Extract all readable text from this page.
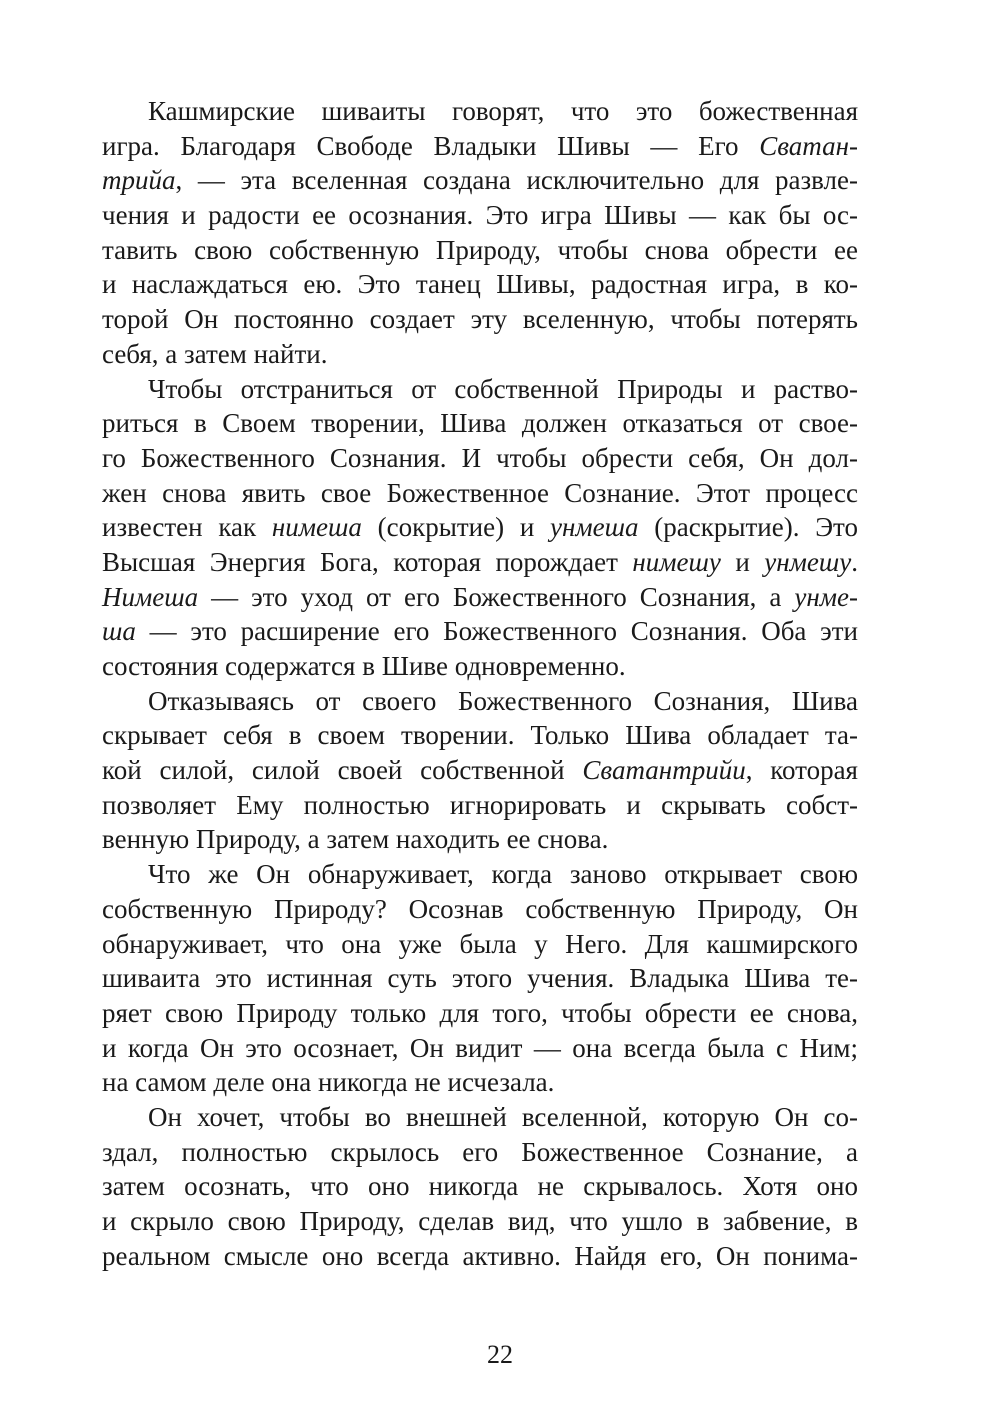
Кашмирские шиваиты говорят, что это божественная
игра. Благодаря Свободе Владыки Шивы — Его Сватан-
трийа, — эта вселенная создана исключительно для развле-
чения и радости ее осознания. Это игра Шивы — как бы ос-
тавить свою собственную Природу, чтобы снова обрести ее
и наслаждаться ею. Это танец Шивы, радостная игра, в ко-
торой Он постоянно создает эту вселенную, чтобы потерять
себя, а затем найти.
Чтобы отстраниться от собственной Природы и раство-
риться в Своем творении, Шива должен отказаться от свое-
го Божественного Сознания. И чтобы обрести себя, Он дол-
жен снова явить свое Божественное Сознание. Этот процесс
известен как нимеша (сокрытие) и унмеша (раскрытие). Это
Высшая Энергия Бога, которая порождает нимешу и унмешу.
Нимеша — это уход от его Божественного Сознания, а унме-
ша — это расширение его Божественного Сознания. Оба эти
состояния содержатся в Шиве одновременно.
Отказываясь от своего Божественного Сознания, Шива
скрывает себя в своем творении. Только Шива обладает та-
кой силой, силой своей собственной Сватантрийи, которая
позволяет Ему полностью игнорировать и скрывать собст-
венную Природу, а затем находить ее снова.
Что же Он обнаруживает, когда заново открывает свою
собственную Природу? Осознав собственную Природу, Он
обнаруживает, что она уже была у Него. Для кашмирского
шиваита это истинная суть этого учения. Владыка Шива те-
ряет свою Природу только для того, чтобы обрести ее снова,
и когда Он это осознает, Он видит — она всегда была с Ним;
на самом деле она никогда не исчезала.
Он хочет, чтобы во внешней вселенной, которую Он со-
здал, полностью скрылось его Божественное Сознание, а
затем осознать, что оно никогда не скрывалось. Хотя оно
и скрыло свою Природу, сделав вид, что ушло в забвение, в
реальном смысле оно всегда активно. Найдя его, Он понима-
22
